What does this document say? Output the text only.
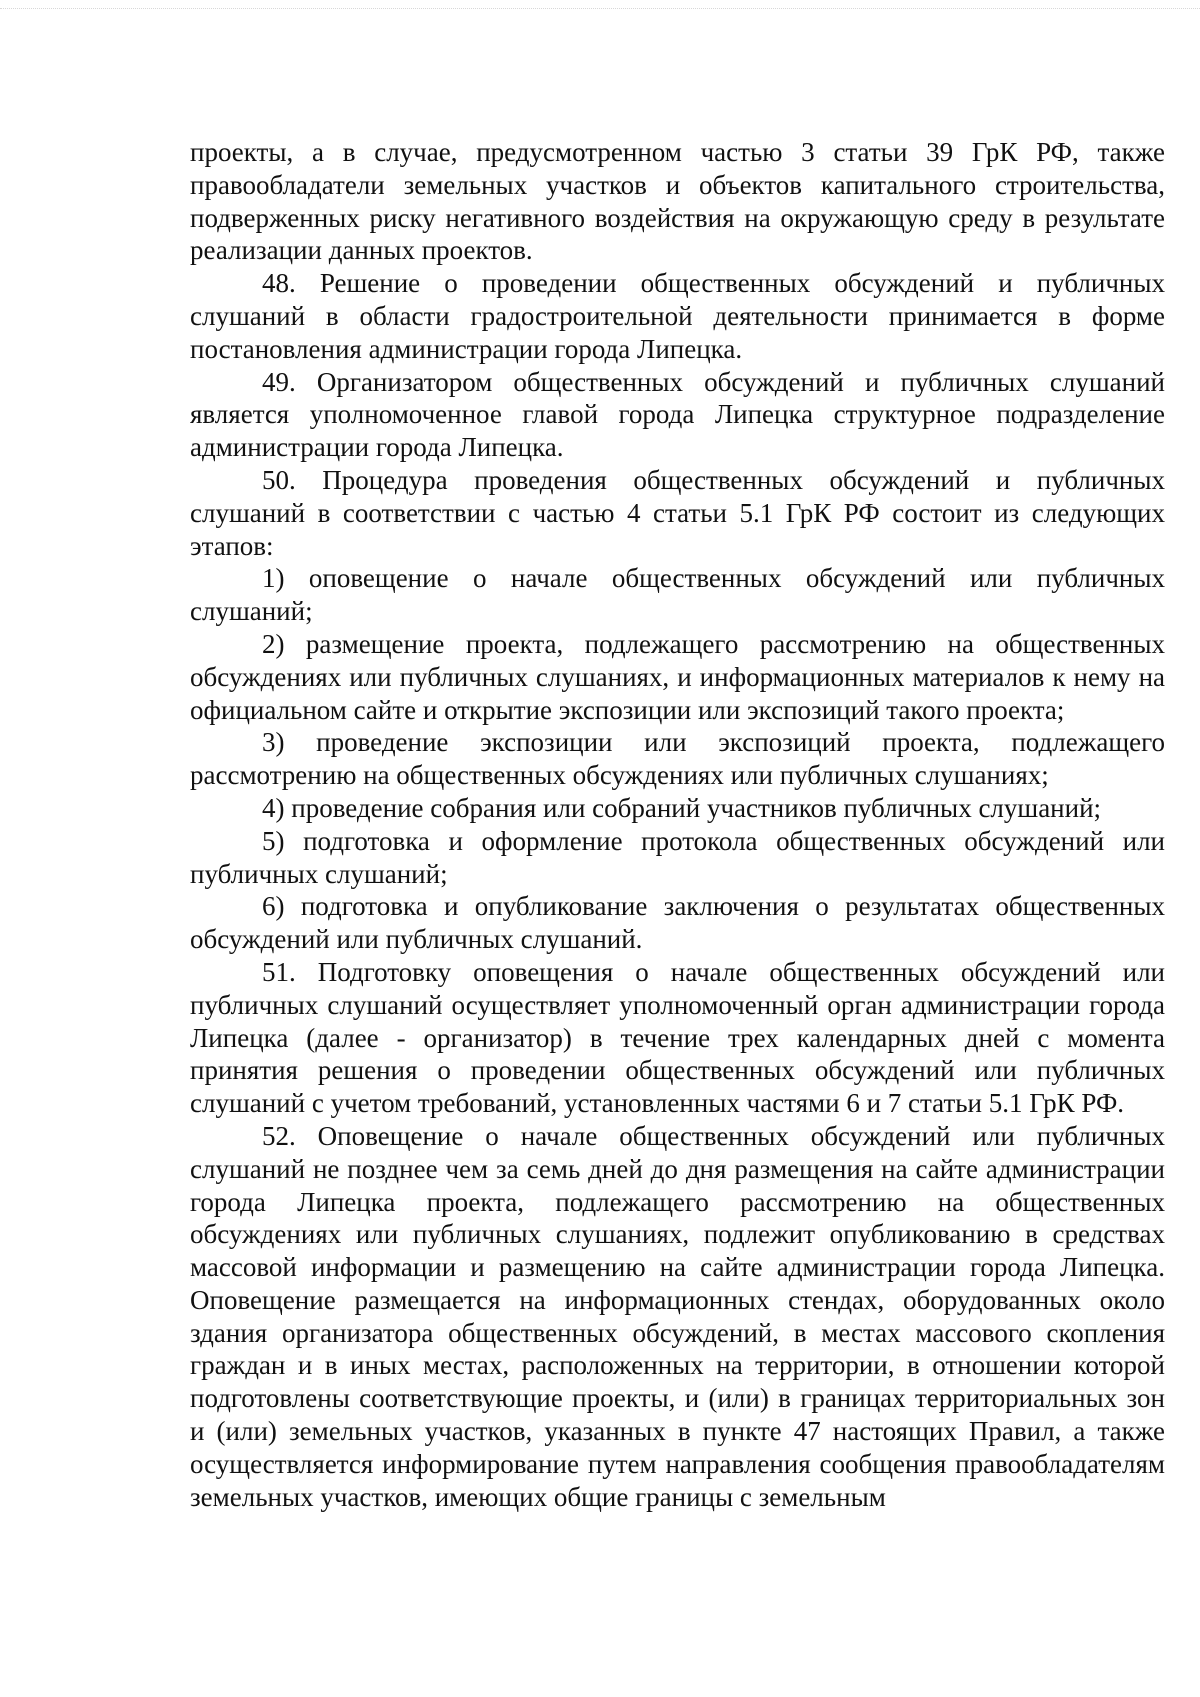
проекты, а в случае, предусмотренном частью 3 статьи 39 ГрК РФ, также правообладатели земельных участков и объектов капитального строительства, подверженных риску негативного воздействия на окружающую среду в результате реализации данных проектов.

48. Решение о проведении общественных обсуждений и публичных слушаний в области градостроительной деятельности принимается в форме постановления администрации города Липецка.

49. Организатором общественных обсуждений и публичных слушаний является уполномоченное главой города Липецка структурное подразделение администрации города Липецка.

50. Процедура проведения общественных обсуждений и публичных слушаний в соответствии с частью 4 статьи 5.1 ГрК РФ состоит из следующих этапов:

1) оповещение о начале общественных обсуждений или публичных слушаний;

2) размещение проекта, подлежащего рассмотрению на общественных обсуждениях или публичных слушаниях, и информационных материалов к нему на официальном сайте и открытие экспозиции или экспозиций такого проекта;

3) проведение экспозиции или экспозиций проекта, подлежащего рассмотрению на общественных обсуждениях или публичных слушаниях;

4) проведение собрания или собраний участников публичных слушаний;

5) подготовка и оформление протокола общественных обсуждений или публичных слушаний;

6) подготовка и опубликование заключения о результатах общественных обсуждений или публичных слушаний.

51. Подготовку оповещения о начале общественных обсуждений или публичных слушаний осуществляет уполномоченный орган администрации города Липецка (далее - организатор) в течение трех календарных дней с момента принятия решения о проведении общественных обсуждений или публичных слушаний с учетом требований, установленных частями 6 и 7 статьи 5.1 ГрК РФ.

52. Оповещение о начале общественных обсуждений или публичных слушаний не позднее чем за семь дней до дня размещения на сайте администрации города Липецка проекта, подлежащего рассмотрению на общественных обсуждениях или публичных слушаниях, подлежит опубликованию в средствах массовой информации и размещению на сайте администрации города Липецка. Оповещение размещается на информационных стендах, оборудованных около здания организатора общественных обсуждений, в местах массового скопления граждан и в иных местах, расположенных на территории, в отношении которой подготовлены соответствующие проекты, и (или) в границах территориальных зон и (или) земельных участков, указанных в пункте 47 настоящих Правил, а также осуществляется информирование путем направления сообщения правообладателям земельных участков, имеющих общие границы с земельным
